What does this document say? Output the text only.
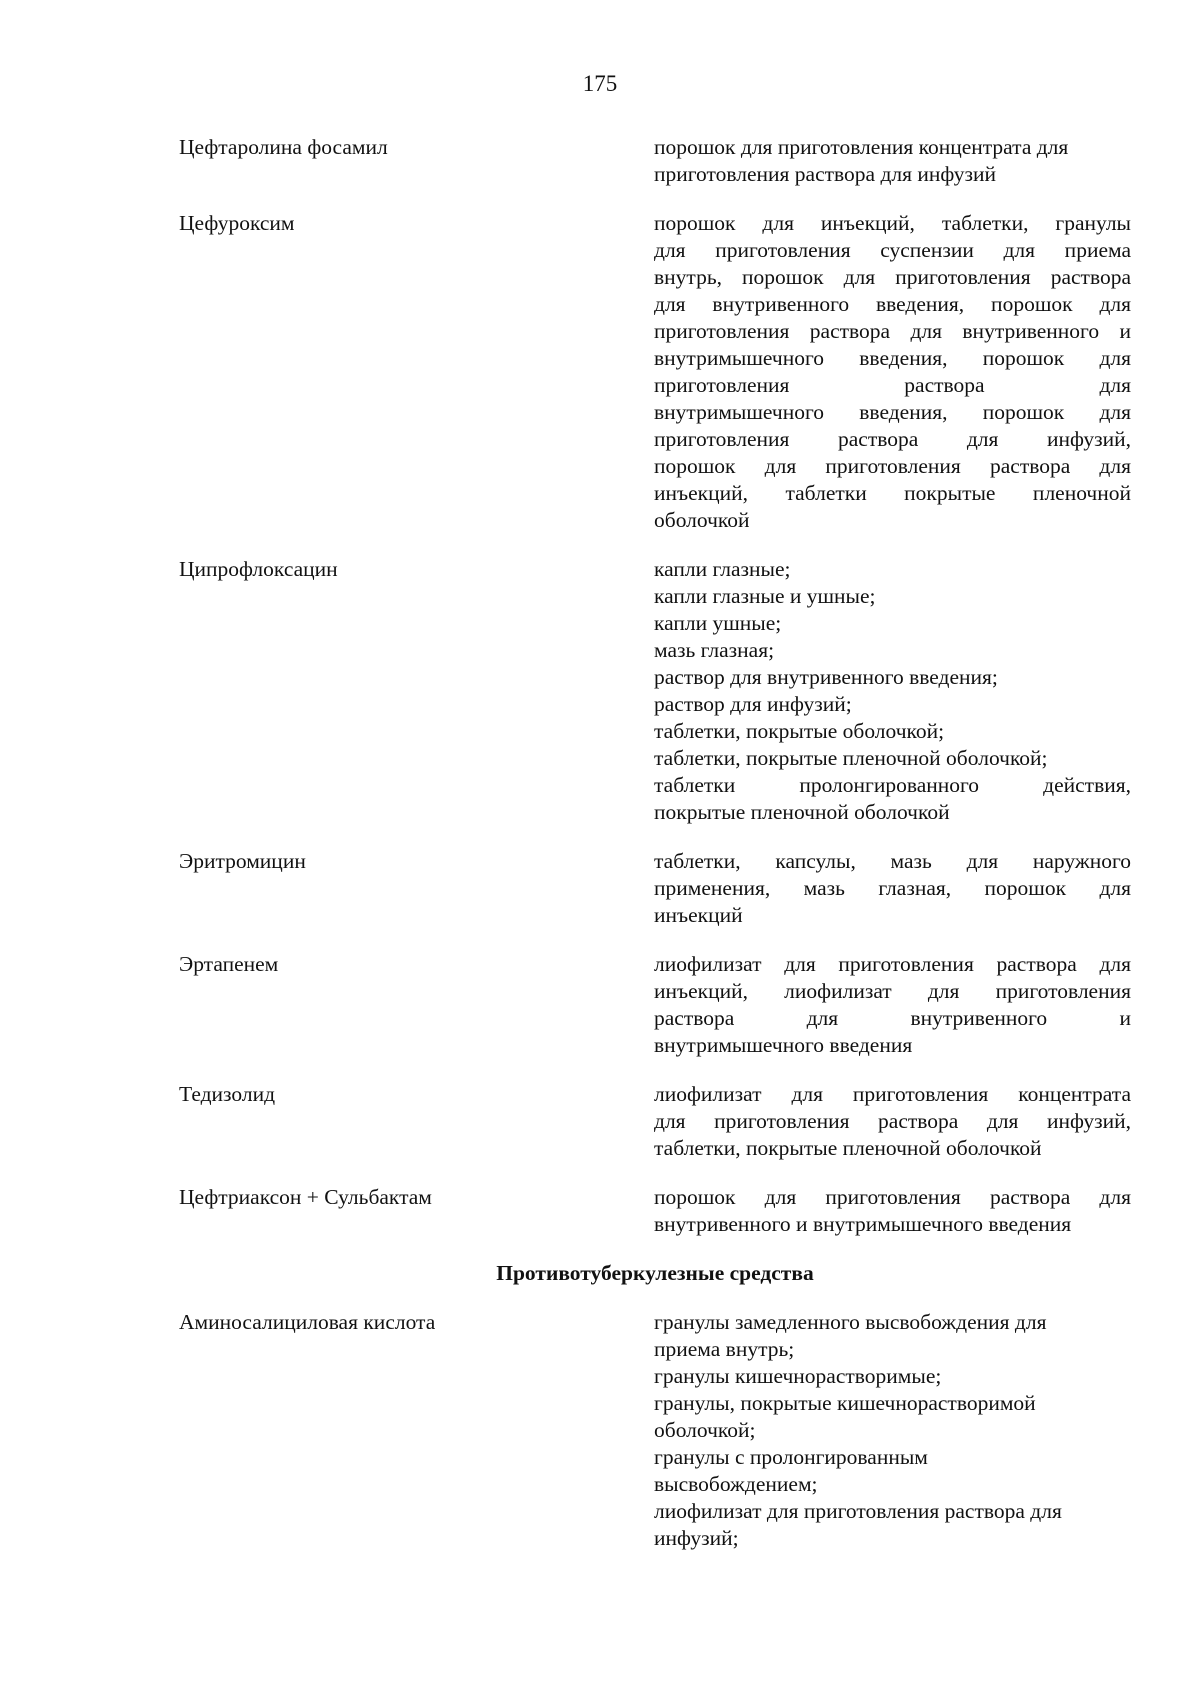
175
Цефтаролина фосамил	порошок для приготовления концентрата для
приготовления раствора для инфузий
Цефуроксим	порошок для инъекций, таблетки, гранулы
для приготовления суспензии для приема
внутрь, порошок для приготовления раствора
для внутривенного введения, порошок для
приготовления раствора для внутривенного и
внутримышечного введения, порошок для
приготовления раствора для
внутримышечного введения, порошок для
приготовления раствора для инфузий,
порошок для приготовления раствора для
инъекций, таблетки покрытые пленочной
оболочкой
Ципрофлоксацин	капли глазные;
капли глазные и ушные;
капли ушные;
мазь глазная;
раствор для внутривенного введения;
раствор для инфузий;
таблетки, покрытые оболочкой;
таблетки, покрытые пленочной оболочкой;
таблетки пролонгированного действия,
покрытые пленочной оболочкой
Эритромицин	таблетки, капсулы, мазь для наружного
применения, мазь глазная, порошок для
инъекций
Эртапенем	лиофилизат для приготовления раствора для
инъекций, лиофилизат для приготовления
раствора для внутривенного и
внутримышечного введения
Тедизолид	лиофилизат для приготовления концентрата
для приготовления раствора для инфузий,
таблетки, покрытые пленочной оболочкой
Цефтриаксон + Сульбактам	порошок для приготовления раствора для
внутривенного и внутримышечного введения
Противотуберкулезные средства
Аминосалициловая кислота	гранулы замедленного высвобождения для
приема внутрь;
гранулы кишечнорастворимые;
гранулы, покрытые кишечнорастворимой
оболочкой;
гранулы с пролонгированным
высвобождением;
лиофилизат для приготовления раствора для
инфузий;
